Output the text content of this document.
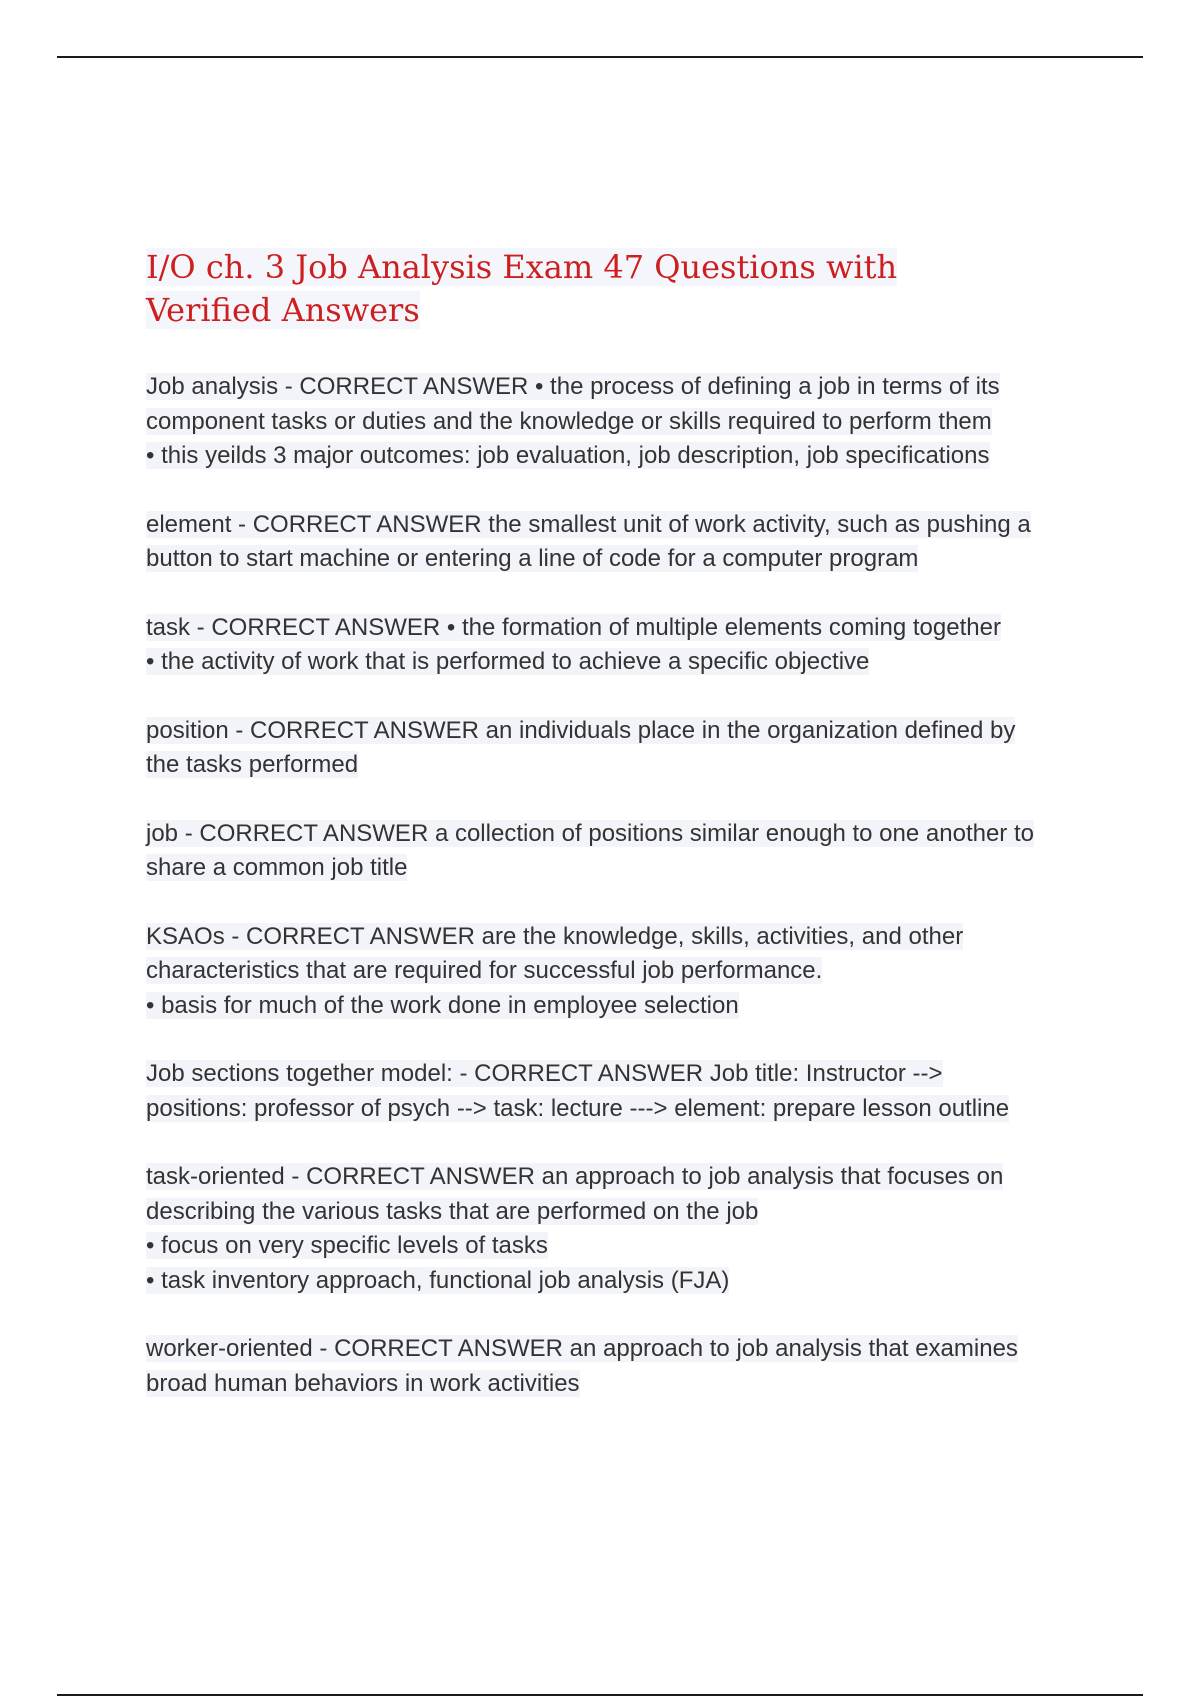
I/O ch. 3 Job Analysis Exam 47 Questions with Verified Answers
Job analysis - CORRECT ANSWER • the process of defining a job in terms of its
component tasks or duties and the knowledge or skills required to perform them
• this yeilds 3 major outcomes: job evaluation, job description, job specifications
element - CORRECT ANSWER the smallest unit of work activity, such as pushing a
button to start machine or entering a line of code for a computer program
task - CORRECT ANSWER • the formation of multiple elements coming together
• the activity of work that is performed to achieve a specific objective
position - CORRECT ANSWER an individuals place in the organization defined by
the tasks performed
job - CORRECT ANSWER a collection of positions similar enough to one another to
share a common job title
KSAOs - CORRECT ANSWER are the knowledge, skills, activities, and other
characteristics that are required for successful job performance.
• basis for much of the work done in employee selection
Job sections together model: - CORRECT ANSWER Job title: Instructor -->
positions: professor of psych --> task: lecture ---> element: prepare lesson outline
task-oriented - CORRECT ANSWER an approach to job analysis that focuses on
describing the various tasks that are performed on the job
• focus on very specific levels of tasks
• task inventory approach, functional job analysis (FJA)
worker-oriented - CORRECT ANSWER an approach to job analysis that examines
broad human behaviors in work activities
